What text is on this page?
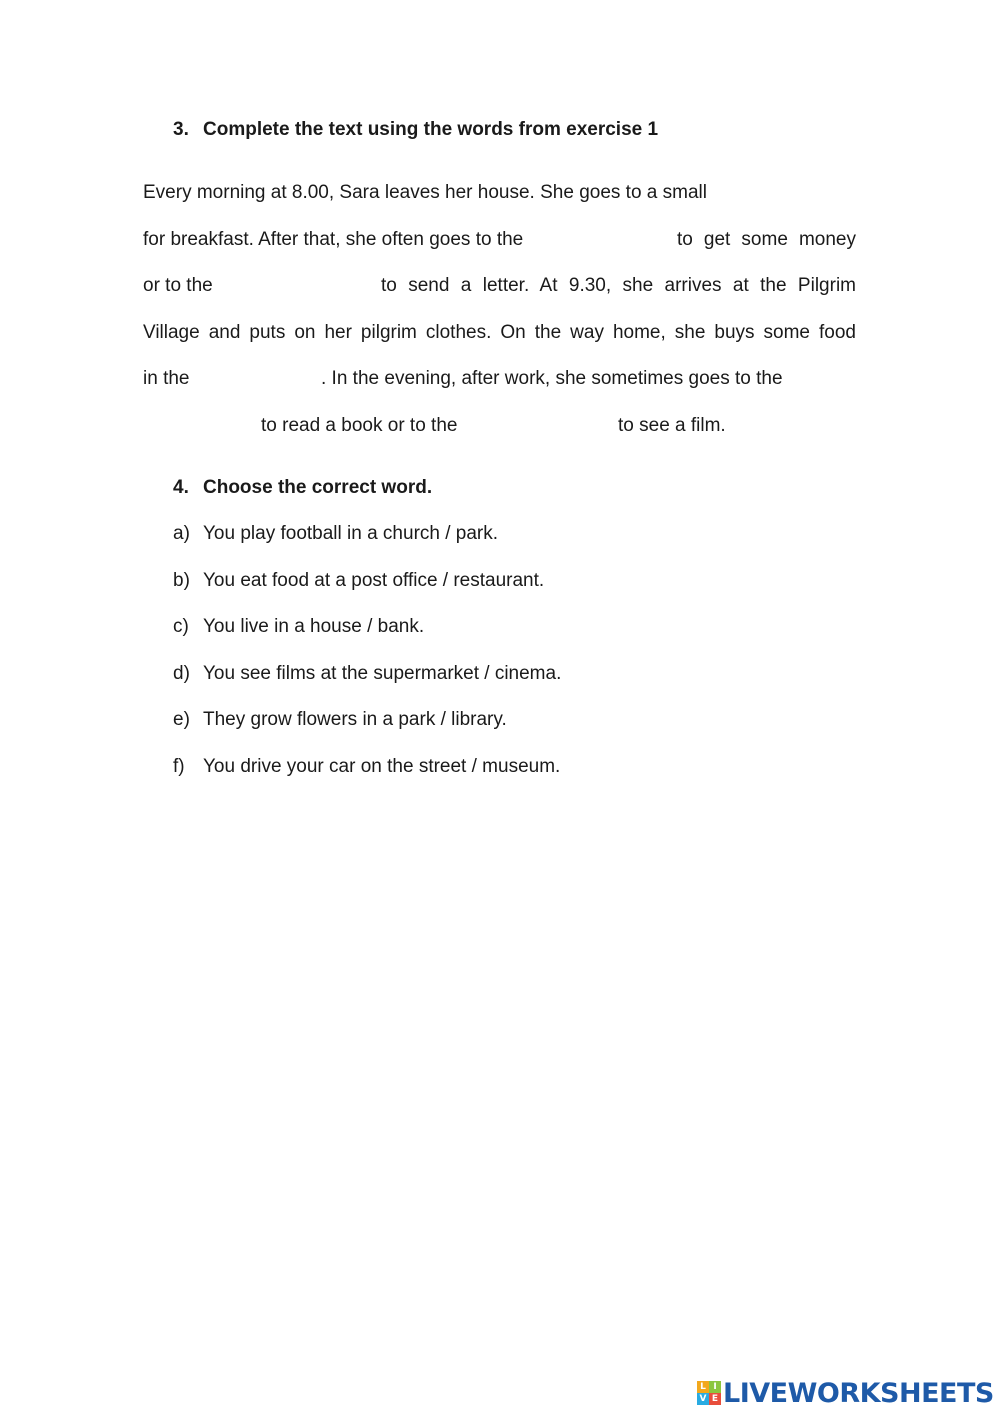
3. Complete the text using the words from exercise 1
Every morning at 8.00, Sara leaves her house. She goes to a small
for breakfast. After that, she often goes to the	to get some money
or to the	to send a letter. At 9.30, she arrives at the Pilgrim
Village and puts on her pilgrim clothes. On the way home, she buys some food
in the	. In the evening, after work, she sometimes goes to the
to read a book or to the	to see a film.
4. Choose the correct word.
a) You play football in a church / park.
b) You eat food at a post office / restaurant.
c) You live in a house / bank.
d) You see films at the supermarket / cinema.
e) They grow flowers in a park / library.
f) You drive your car on the street / museum.
L I
V E LIVEWORKSHEETS
